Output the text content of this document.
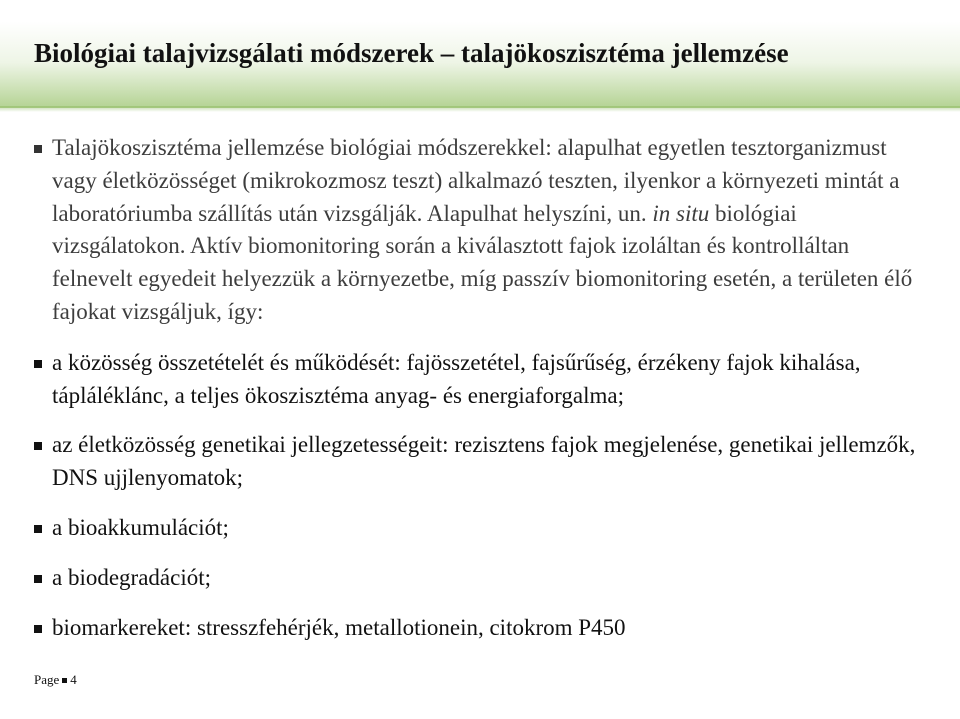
Biológiai talajvizsgálati módszerek – talajökoszisztéma jellemzése

Talajökoszisztéma jellemzése biológiai módszerekkel: alapulhat egyetlen tesztorganizmust vagy életközösséget (mikrokozmosz teszt) alkalmazó teszten, ilyenkor a környezeti mintát a laboratóriumba szállítás után vizsgálják. Alapulhat helyszíni, un. in situ biológiai vizsgálatokon. Aktív biomonitoring során a kiválasztott fajok izoláltan és kontrolláltan felnevelt egyedeit helyezzük a környezetbe, míg passzív biomonitoring esetén, a területen élő fajokat vizsgáljuk, így:

a közösség összetételét és működését: fajösszetétel, fajsűrűség, érzékeny fajok kihalása, tápláléklánc, a teljes ökoszisztéma anyag- és energiaforgalma;

az életközösség genetikai jellegzetességeit: rezisztens fajok megjelenése, genetikai jellemzők, DNS ujjlenyomatok;

a bioakkumulációt;

a biodegradációt;

biomarkereket: stresszfehérjék, metallotionein, citokrom P450

Page 4
